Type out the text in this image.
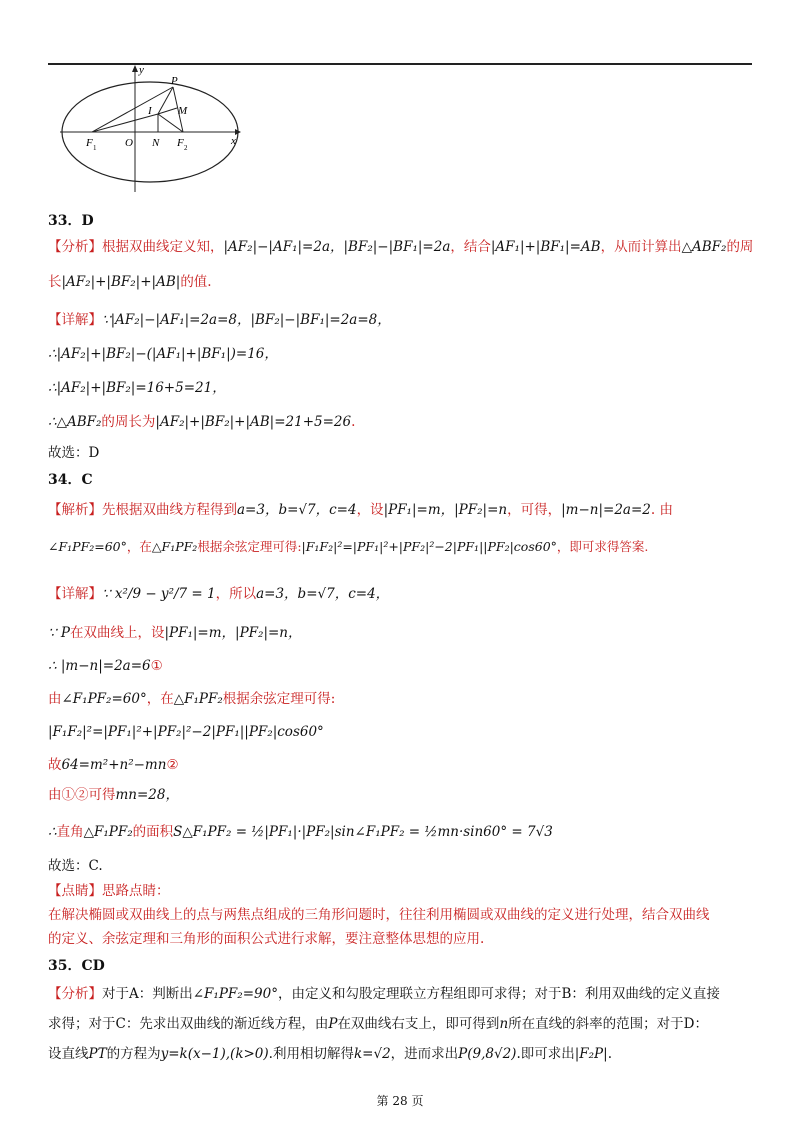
y
x
P
I M
F 1	O N F 2
33．D
【分析】根据双曲线定义知，|AF₂|−|AF₁|=2a，|BF₂|−|BF₁|=2a，结合|AF₁|+|BF₁|=AB，从而计算出△ABF₂的周
长|AF₂|+|BF₂|+|AB|的值.
【详解】∵|AF₂|−|AF₁|=2a=8，|BF₂|−|BF₁|=2a=8，
∴|AF₂|+|BF₂|−(|AF₁|+|BF₁|)=16，
∴|AF₂|+|BF₂|=16+5=21，
∴△ABF₂的周长为|AF₂|+|BF₂|+|AB|=21+5=26.
故选：D
34．C
【解析】先根据双曲线方程得到a=3，b=√7，c=4，设|PF₁|=m，|PF₂|=n，可得，|m−n|=2a=2. 由
∠F₁PF₂=60°，在△F₁PF₂根据余弦定理可得:|F₁F₂|²=|PF₁|²+|PF₂|²−2|PF₁||PF₂|cos60°，即可求得答案.
【详解】∵ x²/9 − y²/7 = 1，所以a=3，b=√7，c=4，
∵ P在双曲线上，设|PF₁|=m，|PF₂|=n，
∴ |m−n|=2a=6①
由∠F₁PF₂=60°，在△F₁PF₂根据余弦定理可得:
|F₁F₂|²=|PF₁|²+|PF₂|²−2|PF₁||PF₂|cos60°
故64=m²+n²−mn②
由①②可得mn=28，
∴直角△F₁PF₂的面积S△F₁PF₂ = ½|PF₁|·|PF₂|sin∠F₁PF₂ = ½mn·sin60° = 7√3
故选：C.
【点睛】思路点睛：
在解决椭圆或双曲线上的点与两焦点组成的三角形问题时，往往利用椭圆或双曲线的定义进行处理，结合双曲线
的定义、余弦定理和三角形的面积公式进行求解，要注意整体思想的应用.
35．CD
【分析】对于A：判断出∠F₁PF₂=90°，由定义和勾股定理联立方程组即可求得；对于B：利用双曲线的定义直接
求得；对于C：先求出双曲线的渐近线方程，由P在双曲线右支上，即可得到n所在直线的斜率的范围；对于D：
设直线PT的方程为y=k(x−1),(k>0).利用相切解得k=√2，进而求出P(9,8√2).即可求出|F₂P|.
第 28 页
